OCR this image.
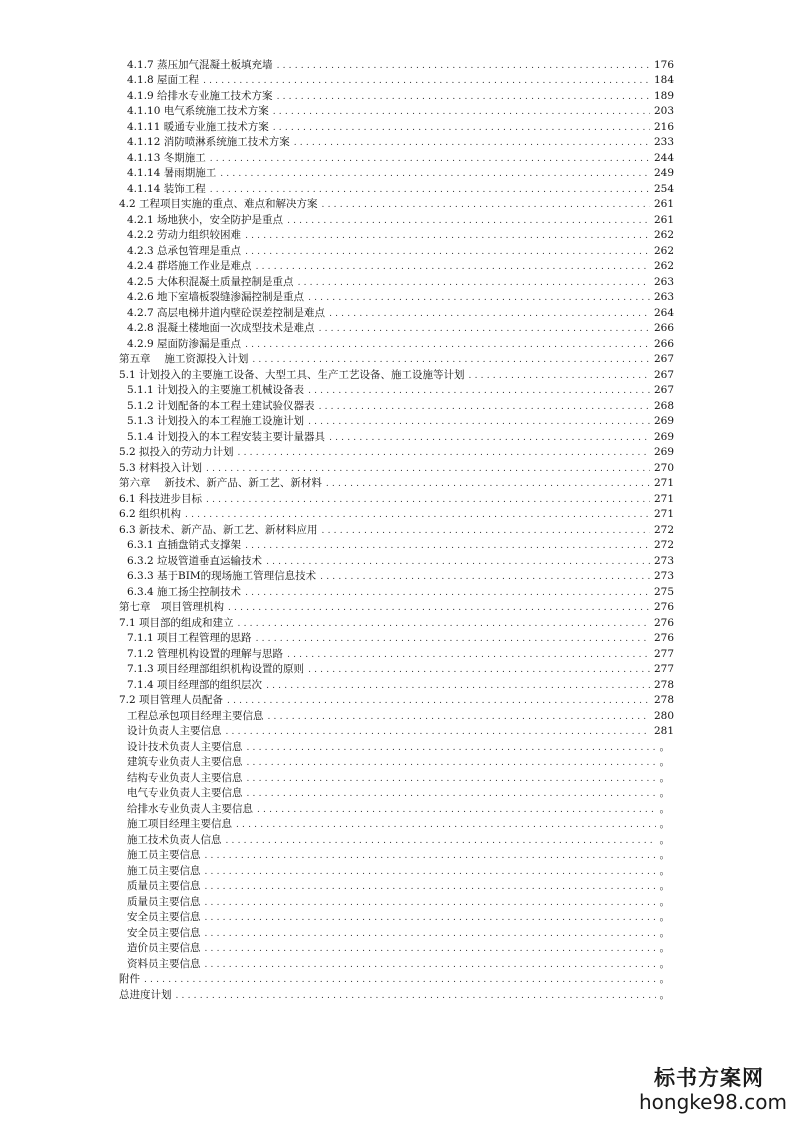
4.1.7 蒸压加气混凝土板填充墙 .....	176
4.1.8 屋面工程 .....	184
4.1.9 给排水专业施工技术方案 .....	189
4.1.10 电气系统施工技术方案 .....	203
4.1.11 暖通专业施工技术方案 .....	216
4.1.12 消防喷淋系统施工技术方案 .....	233
4.1.13 冬期施工 .....	244
4.1.14 暑雨期施工 .....	249
4.1.14 装饰工程 .....	254
4.2 工程项目实施的重点、难点和解决方案 .....	261
4.2.1 场地狭小，安全防护是重点 .....	261
4.2.2 劳动力组织较困难 .....	262
4.2.3 总承包管理是重点 .....	262
4.2.4 群塔施工作业是难点 .....	262
4.2.5 大体积混凝土质量控制是重点 .....	263
4.2.6 地下室墙板裂缝渗漏控制是重点 .....	263
4.2.7 高层电梯井道内壁砼误差控制是难点 .....	264
4.2.8 混凝土楼地面一次成型技术是难点 .....	266
4.2.9 屋面防渗漏是重点 .....	266
第五章　 施工资源投入计划 .....	267
5.1 计划投入的主要施工设备、大型工具、生产工艺设备、施工设施等计划 .....	267
5.1.1 计划投入的主要施工机械设备表 .....	267
5.1.2 计划配备的本工程土建试验仪器表 .....	268
5.1.3 计划投入的本工程施工设施计划 .....	269
5.1.4 计划投入的本工程安装主要计量器具 .....	269
5.2 拟投入的劳动力计划 .....	269
5.3 材料投入计划 .....	270
第六章　 新技术、新产品、新工艺、新材料 .....	271
6.1 科技进步目标 .....	271
6.2 组织机构 .....	271
6.3 新技术、新产品、新工艺、新材料应用 .....	272
6.3.1 直插盘销式支撑架 .....	272
6.3.2 垃圾管道垂直运输技术 .....	273
6.3.3 基于BIM的现场施工管理信息技术 .....	273
6.3.4 施工扬尘控制技术 .....	275
第七章　项目管理机构 .....	276
7.1 项目部的组成和建立 .....	276
7.1.1 项目工程管理的思路 .....	276
7.1.2 管理机构设置的理解与思路 .....	277
7.1.3 项目经理部组织机构设置的原则 .....	277
7.1.4 项目经理部的组织层次 .....	278
7.2 项目管理人员配备 .....	278
工程总承包项目经理主要信息 .....	280
设计负责人主要信息 .....	281
设计技术负责人主要信息 .....	。
建筑专业负责人主要信息 .....	。
结构专业负责人主要信息 .....	。
电气专业负责人主要信息 .....	。
给排水专业负责人主要信息 .....	。
施工项目经理主要信息 .....	。
施工技术负责人信息 .....	。
施工员主要信息 .....	。
施工员主要信息 .....	。
质量员主要信息 .....	。
质量员主要信息 .....	。
安全员主要信息 .....	。
安全员主要信息 .....	。
造价员主要信息 .....	。
资料员主要信息 .....	。
附件 .....	。
总进度计划 .....	。
标书方案网
hongke98.com
